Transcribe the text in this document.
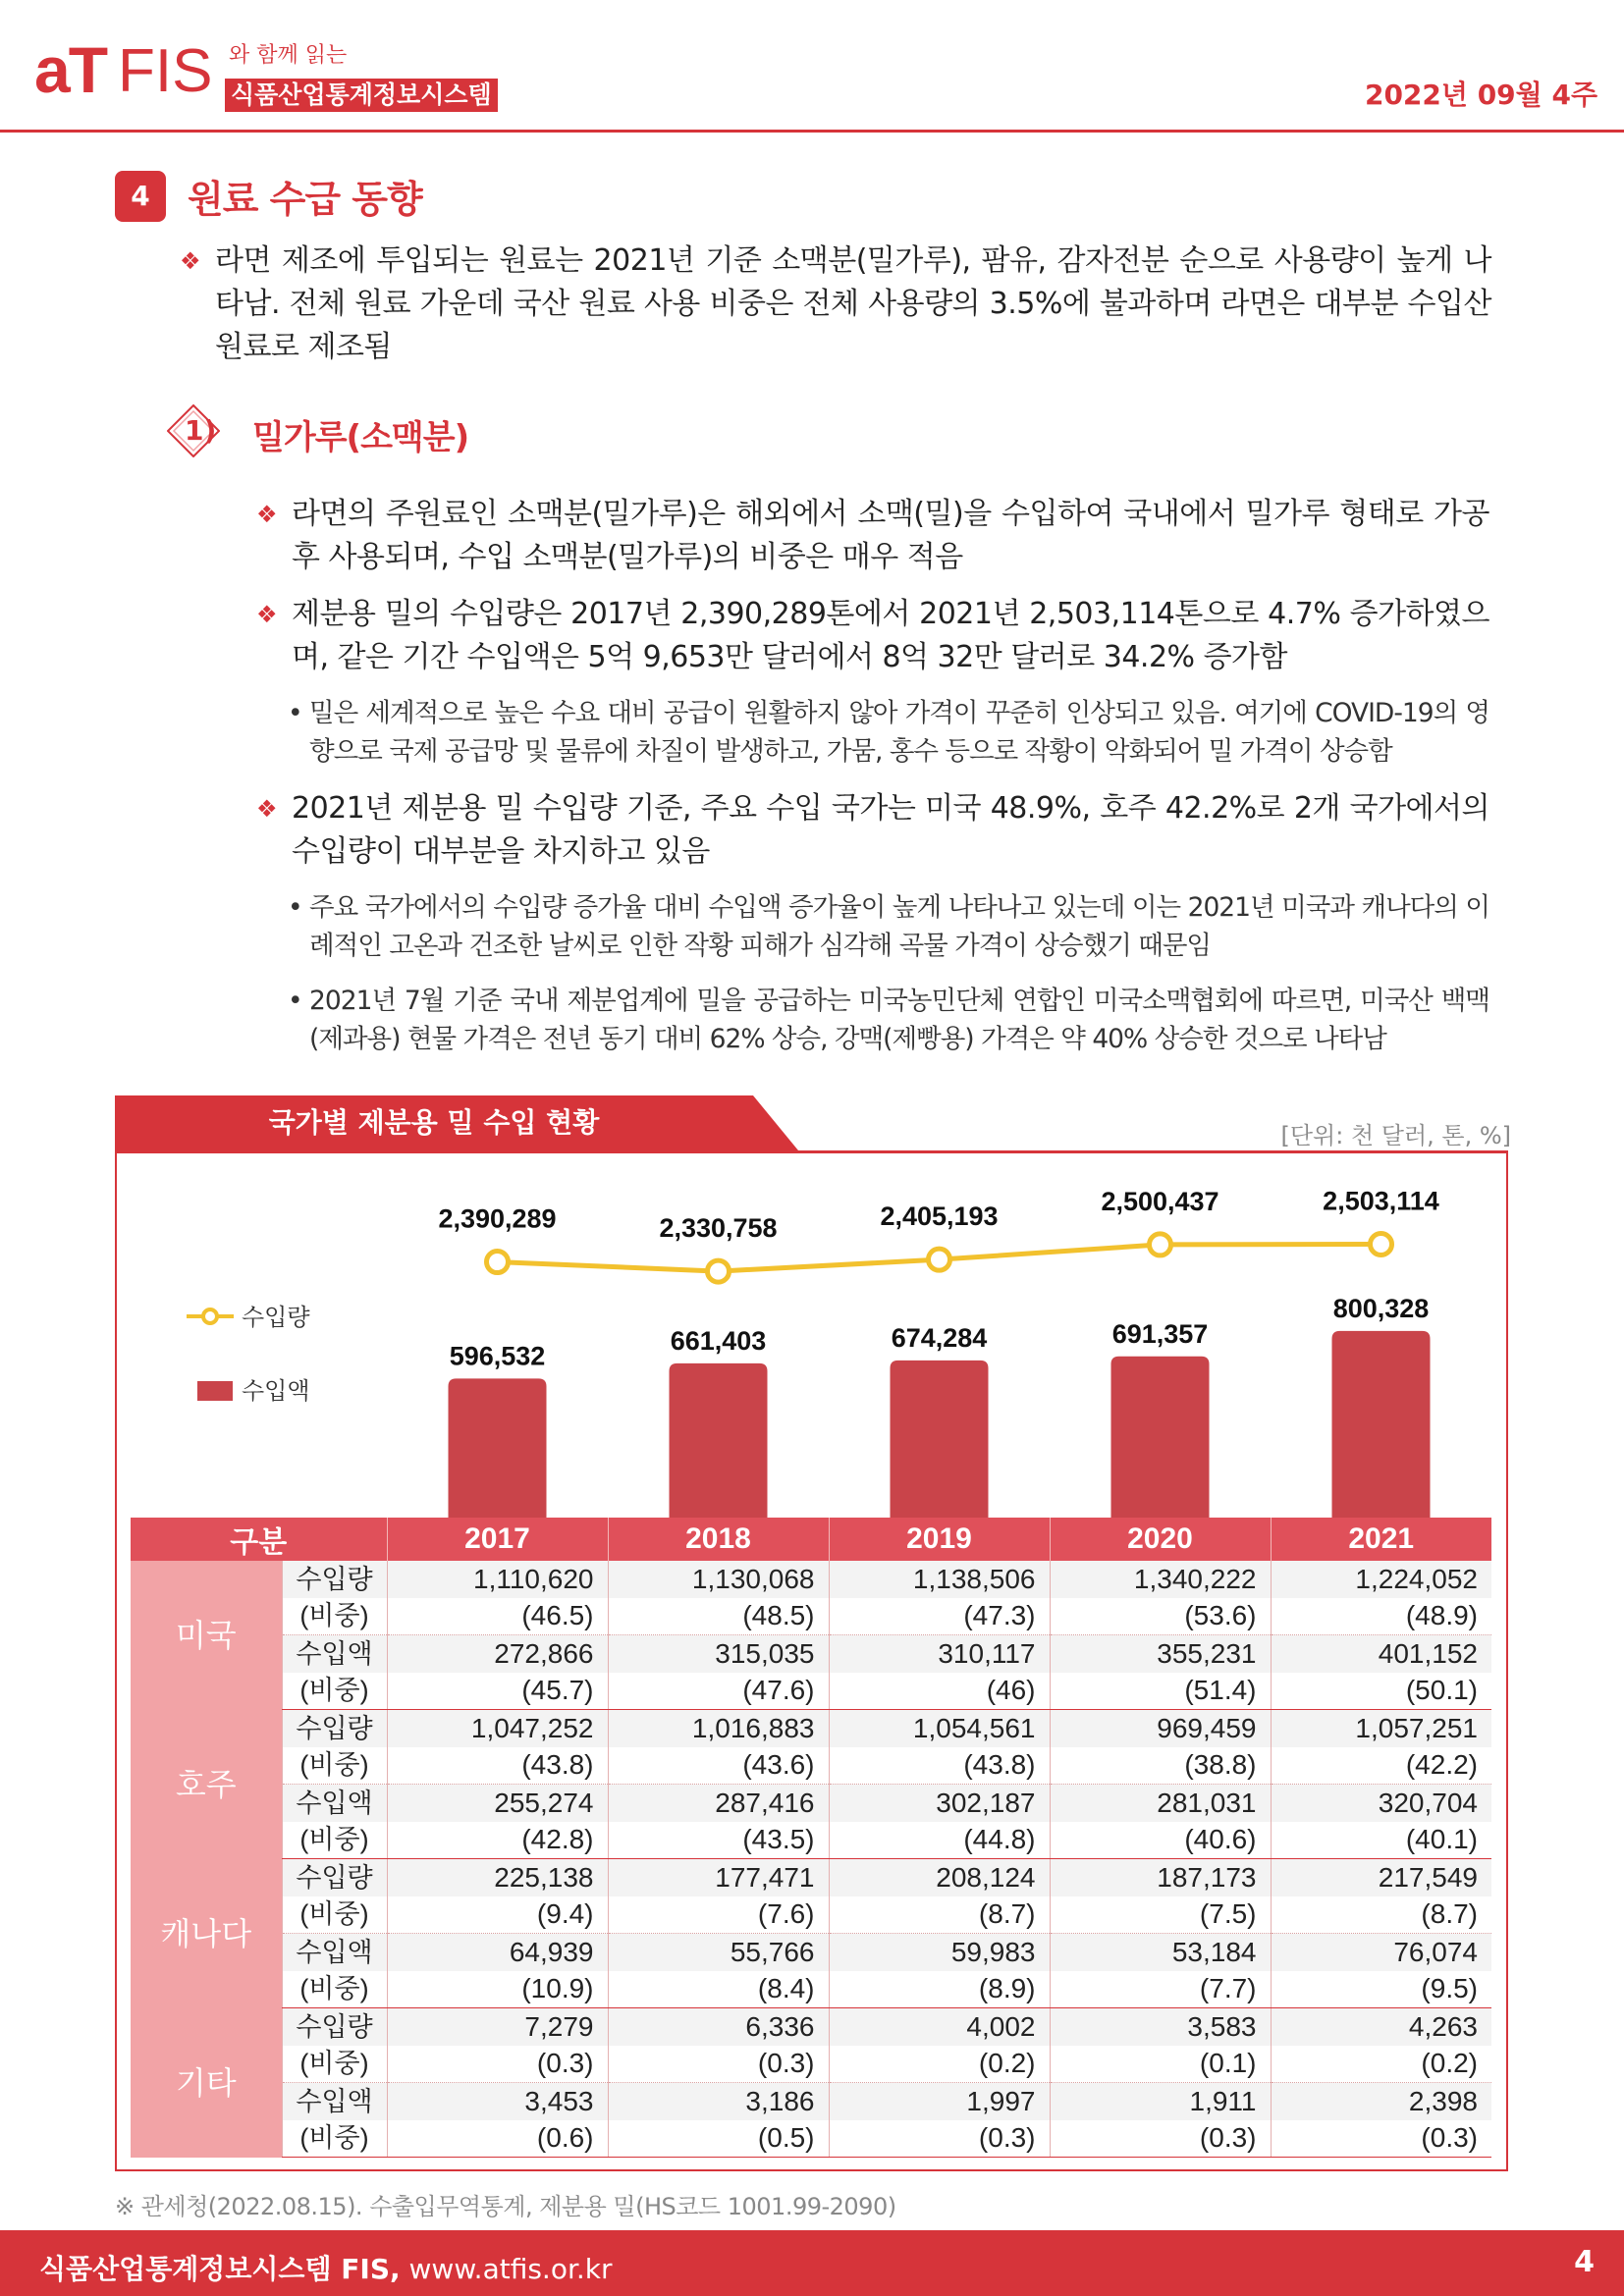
aT FIS 와 함께 읽는
식품산업통계정보시스템	2022년 09월 4주
4	원료 수급 동향
❖ 라면 제조에 투입되는 원료는 2021년 기준 소맥분(밀가루), 팜유, 감자전분 순으로 사용량이 높게 나타남. 전체 원료 가운데 국산 원료 사용 비중은 전체 사용량의 3.5%에 불과하며 라면은 대부분 수입산 원료로 제조됨
1) 밀가루(소맥분)
❖ 라면의 주원료인 소맥분(밀가루)은 해외에서 소맥(밀)을 수입하여 국내에서 밀가루 형태로 가공 후 사용되며, 수입 소맥분(밀가루)의 비중은 매우 적음
❖ 제분용 밀의 수입량은 2017년 2,390,289톤에서 2021년 2,503,114톤으로 4.7% 증가하였으며, 같은 기간 수입액은 5억 9,653만 달러에서 8억 32만 달러로 34.2% 증가함
• 밀은 세계적으로 높은 수요 대비 공급이 원활하지 않아 가격이 꾸준히 인상되고 있음. 여기에 COVID-19의 영향으로 국제 공급망 및 물류에 차질이 발생하고, 가뭄, 홍수 등으로 작황이 악화되어 밀 가격이 상승함
❖ 2021년 제분용 밀 수입량 기준, 주요 수입 국가는 미국 48.9%, 호주 42.2%로 2개 국가에서의 수입량이 대부분을 차지하고 있음
• 주요 국가에서의 수입량 증가율 대비 수입액 증가율이 높게 나타나고 있는데 이는 2021년 미국과 캐나다의 이례적인 고온과 건조한 날씨로 인한 작황 피해가 심각해 곡물 가격이 상승했기 때문임
• 2021년 7월 기준 국내 제분업계에 밀을 공급하는 미국농민단체 연합인 미국소맥협회에 따르면, 미국산 백맥(제과용) 현물 가격은 전년 동기 대비 62% 상승, 강맥(제빵용) 가격은 약 40% 상승한 것으로 나타남
국가별 제분용 밀 수입 현황	[단위: 천 달러, 톤, %]
수입량
수입액
596,532
661,403	674,284	691,357
800,328
2,390,289	2,330,758	2,405,193
2,500,437	2,503,114
구분		2017	2018	2019	2020	2021
미국	수입량	1,110,620	1,130,068	1,138,506	1,340,222	1,224,052
	(비중)	(46.5)	(48.5)	(47.3)	(53.6)	(48.9)
	수입액	272,866	315,035	310,117	355,231	401,152
	(비중)	(45.7)	(47.6)	(46)	(51.4)	(50.1)
호주	수입량	1,047,252	1,016,883	1,054,561	969,459	1,057,251
	(비중)	(43.8)	(43.6)	(43.8)	(38.8)	(42.2)
	수입액	255,274	287,416	302,187	281,031	320,704
	(비중)	(42.8)	(43.5)	(44.8)	(40.6)	(40.1)
캐나다	수입량	225,138	177,471	208,124	187,173	217,549
	(비중)	(9.4)	(7.6)	(8.7)	(7.5)	(8.7)
	수입액	64,939	55,766	59,983	53,184	76,074
	(비중)	(10.9)	(8.4)	(8.9)	(7.7)	(9.5)
기타	수입량	7,279	6,336	4,002	3,583	4,263
	(비중)	(0.3)	(0.3)	(0.2)	(0.1)	(0.2)
	수입액	3,453	3,186	1,997	1,911	2,398
	(비중)	(0.6)	(0.5)	(0.3)	(0.3)	(0.3)
※ 관세청(2022.08.15). 수출입무역통계, 제분용 밀(HS코드 1001.99-2090)
식품산업통계정보시스템 FIS, www.atfis.or.kr	4
